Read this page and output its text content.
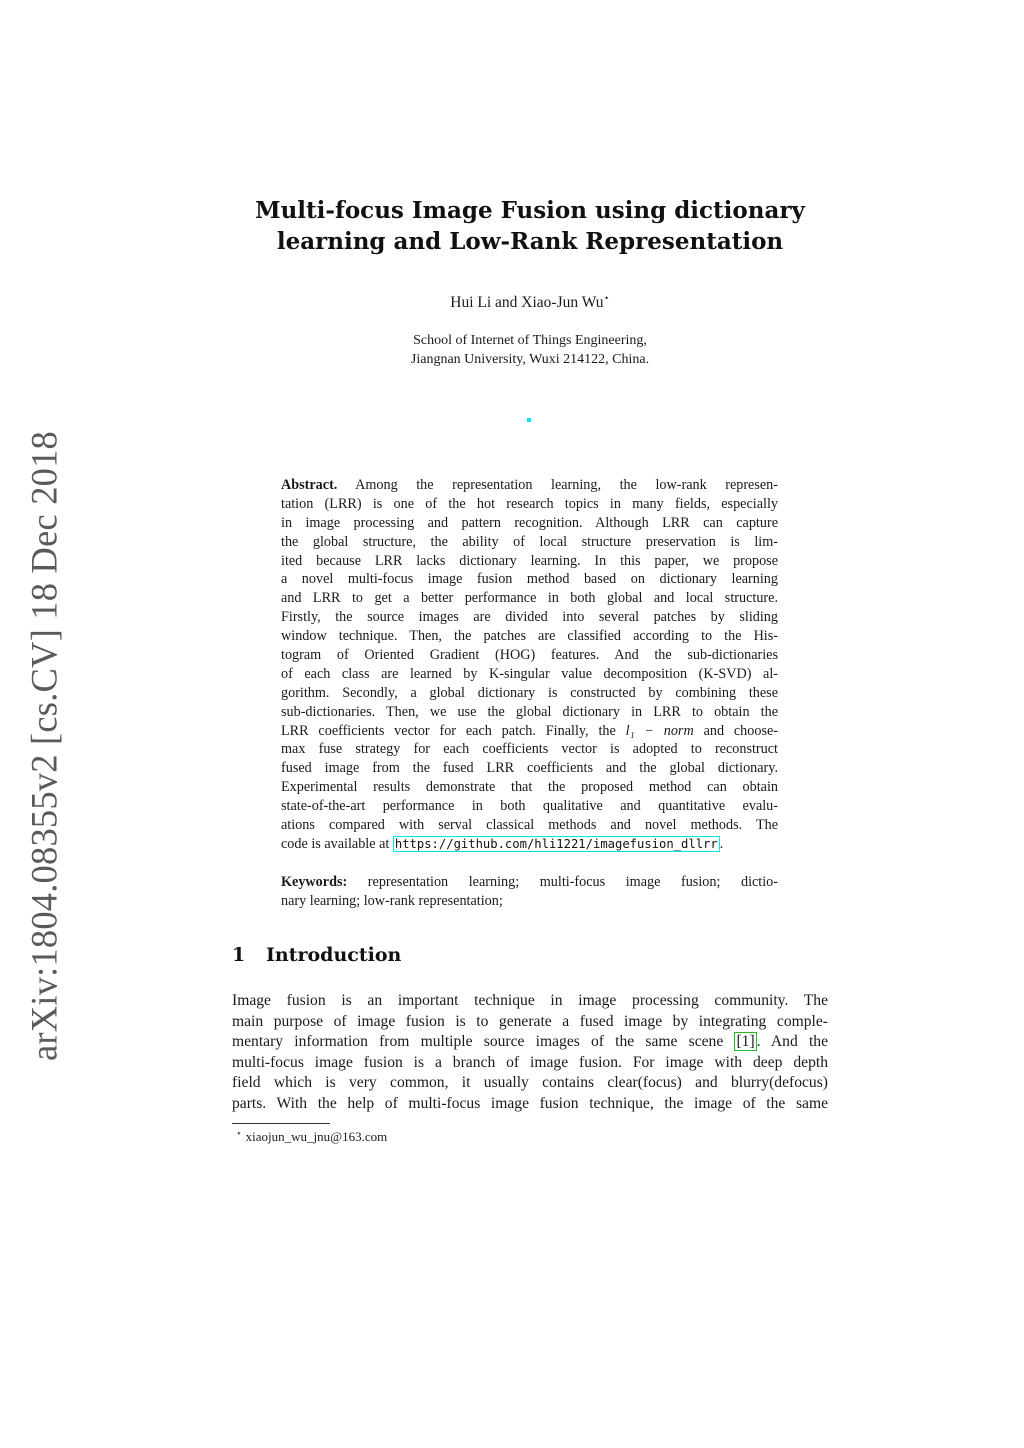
arXiv:1804.08355v2 [cs.CV] 18 Dec 2018
Multi-focus Image Fusion using dictionary
learning and Low-Rank Representation
Hui Li and Xiao-Jun Wu⋆
School of Internet of Things Engineering,
Jiangnan University, Wuxi 214122, China.
Abstract. Among the representation learning, the low-rank represen-
tation (LRR) is one of the hot research topics in many fields, especially
in image processing and pattern recognition. Although LRR can capture
the global structure, the ability of local structure preservation is lim-
ited because LRR lacks dictionary learning. In this paper, we propose
a novel multi-focus image fusion method based on dictionary learning
and LRR to get a better performance in both global and local structure.
Firstly, the source images are divided into several patches by sliding
window technique. Then, the patches are classified according to the His-
togram of Oriented Gradient (HOG) features. And the sub-dictionaries
of each class are learned by K-singular value decomposition (K-SVD) al-
gorithm. Secondly, a global dictionary is constructed by combining these
sub-dictionaries. Then, we use the global dictionary in LRR to obtain the
LRR coefficients vector for each patch. Finally, the l₁ − norm and choose-
max fuse strategy for each coefficients vector is adopted to reconstruct
fused image from the fused LRR coefficients and the global dictionary.
Experimental results demonstrate that the proposed method can obtain
state-of-the-art performance in both qualitative and quantitative evalu-
ations compared with serval classical methods and novel methods. The
code is available at https://github.com/hli1221/imagefusion_dllrr .
Keywords: representation learning; multi-focus image fusion; dictio-
nary learning; low-rank representation;
1 Introduction
Image fusion is an important technique in image processing community. The
main purpose of image fusion is to generate a fused image by integrating comple-
mentary information from multiple source images of the same scene [1] . And the
multi-focus image fusion is a branch of image fusion. For image with deep depth
field which is very common, it usually contains clear(focus) and blurry(defocus)
parts. With the help of multi-focus image fusion technique, the image of the same
⋆ xiaojun_wu_jnu@163.com
